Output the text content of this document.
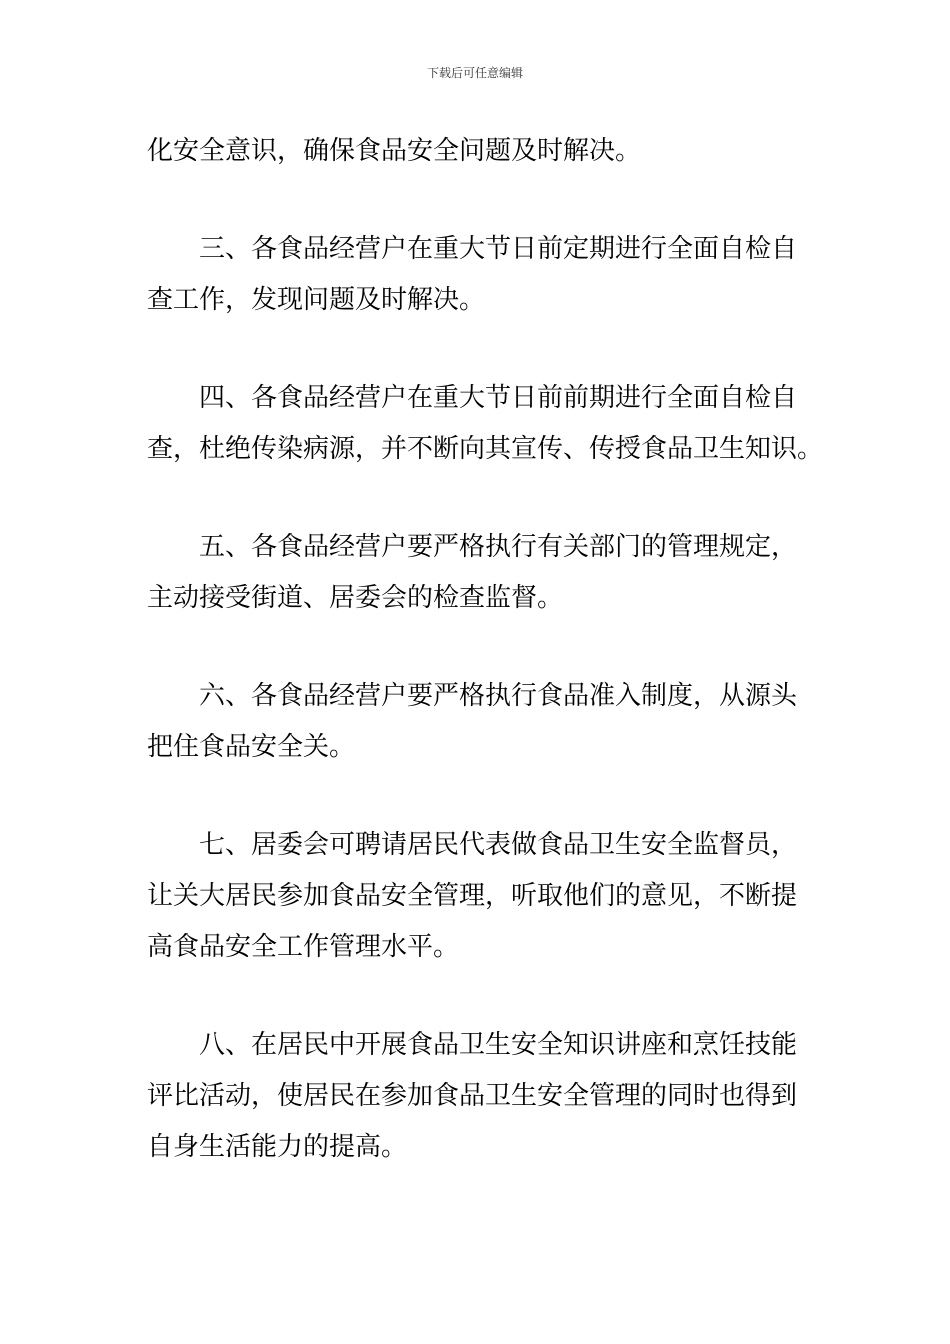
下载后可任意编辑
化安全意识，确保食品安全问题及时解决。
三、各食品经营户在重大节日前定期进行全面自检自
查工作，发现问题及时解决。
四、各食品经营户在重大节日前前期进行全面自检自
查，杜绝传染病源，并不断向其宣传、传授食品卫生知识。
五、各食品经营户要严格执行有关部门的管理规定，
主动接受街道、居委会的检查监督。
六、各食品经营户要严格执行食品准入制度，从源头
把住食品安全关。
七、居委会可聘请居民代表做食品卫生安全监督员，
让关大居民参加食品安全管理，听取他们的意见，不断提
高食品安全工作管理水平。
八、在居民中开展食品卫生安全知识讲座和烹饪技能
评比活动，使居民在参加食品卫生安全管理的同时也得到
自身生活能力的提高。
